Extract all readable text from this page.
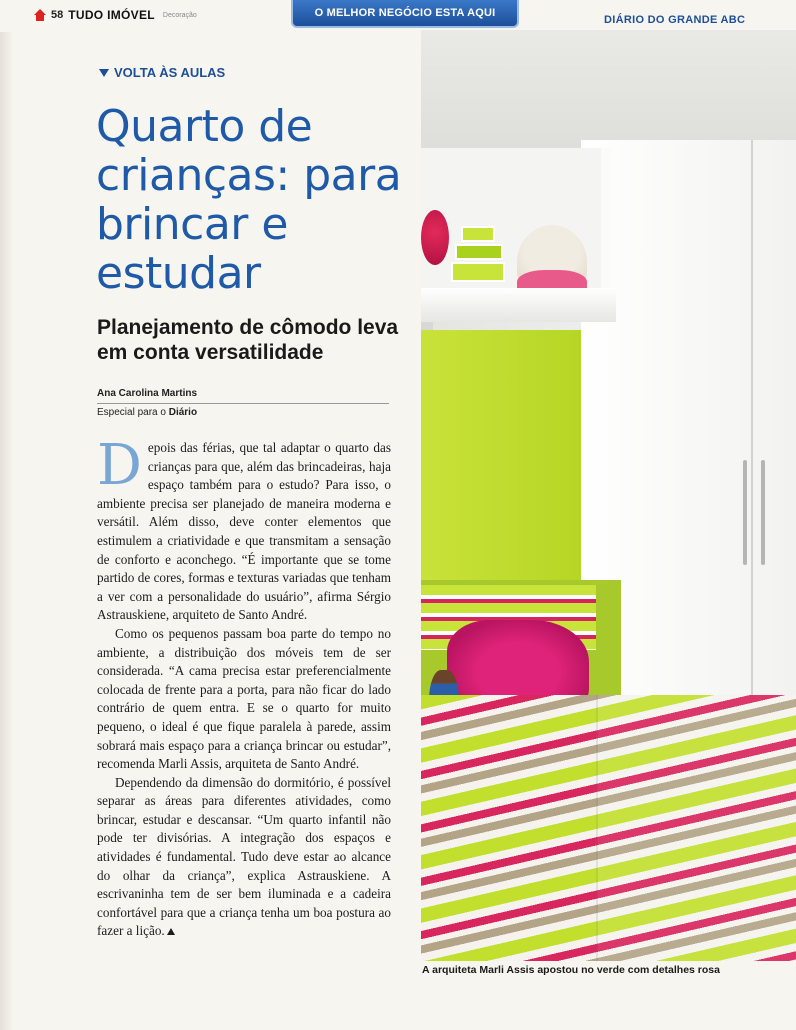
58 TUDO IMÓVEL Decoração	O MELHOR NEGÓCIO ESTA AQUI
DIÁRIO DO GRANDE ABC
VOLTA ÀS AULAS
Quarto de crianças: para brincar e estudar
Planejamento de cômodo leva em conta versatilidade
Ana Carolina Martins
Especial para o Diário

Depois das férias, que tal adaptar o quarto das crianças para que, além das brincadeiras, haja espaço também para o estudo? Para isso, o ambiente precisa ser planejado de maneira moderna e versátil. Além disso, deve conter elementos que estimulem a criatividade e que transmitam a sensação de conforto e aconchego. “É importante que se tome partido de cores, formas e texturas variadas que tenham a ver com a personalidade do usuário”, afirma Sérgio Astrauskiene, arquiteto de Santo André.

Como os pequenos passam boa parte do tempo no ambiente, a distribuição dos móveis tem de ser considerada. “A cama precisa estar preferencialmente colocada de frente para a porta, para não ficar do lado contrário de quem entra. E se o quarto for muito pequeno, o ideal é que fique paralela à parede, assim sobrará mais espaço para a criança brincar ou estudar”, recomenda Marli Assis, arquiteta de Santo André.

Dependendo da dimensão do dormitório, é possível separar as áreas para diferentes atividades, como brincar, estudar e descansar. “Um quarto infantil não pode ter divisórias. A integração dos espaços e atividades é fundamental. Tudo deve estar ao alcance do olhar da criança”, explica Astrauskiene. A escrivaninha tem de ser bem iluminada e a cadeira confortável para que a criança tenha um boa postura ao fazer a lição.

A arquiteta Marli Assis apostou no verde com detalhes rosa
